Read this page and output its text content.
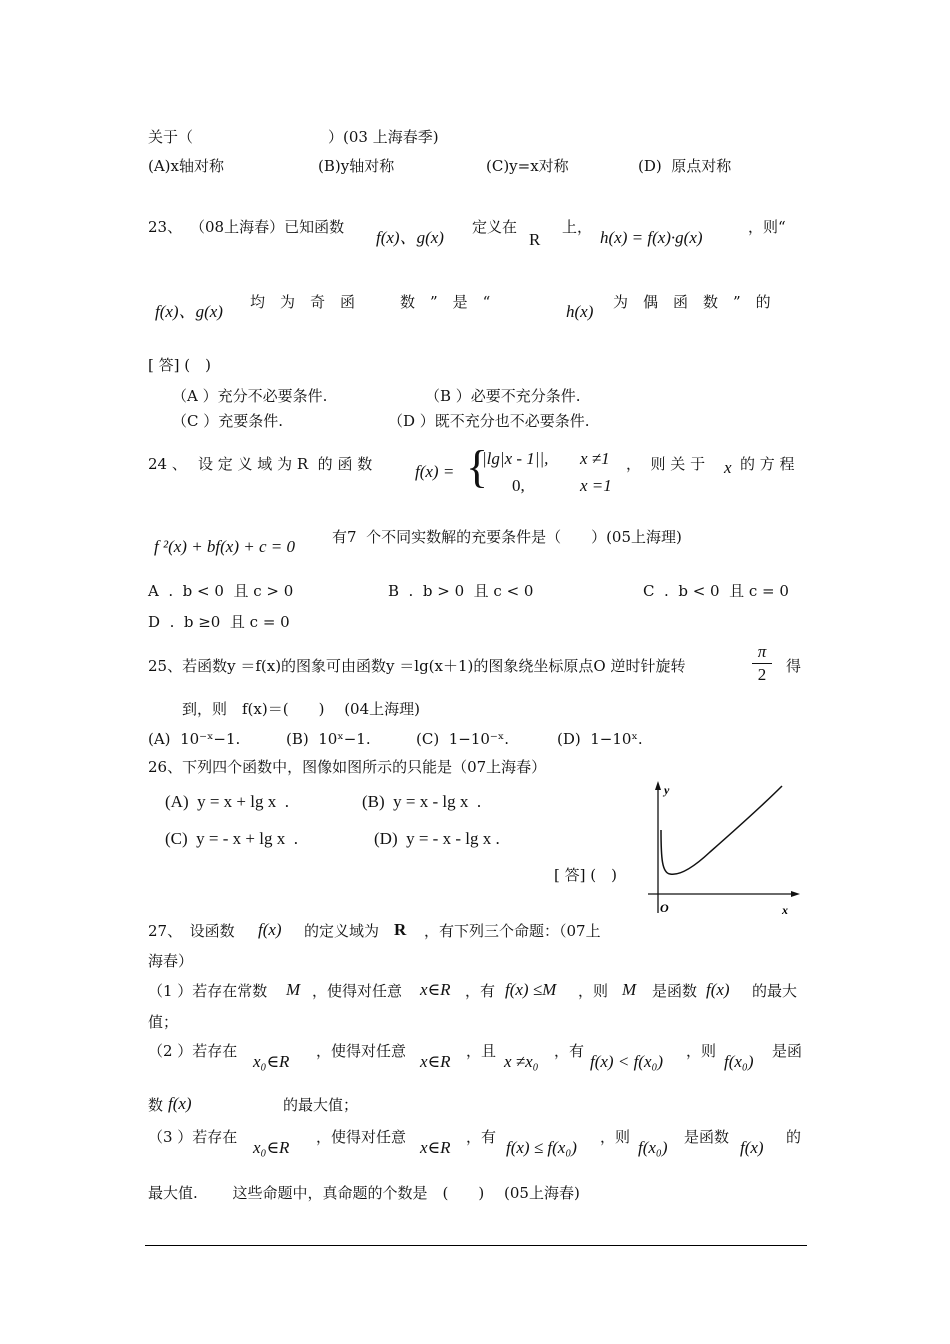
关于（　　　　　　　　　）(03 上海春季)
(A)x轴对称	(B)y轴对称	(C)y=x对称	(D)  原点对称
23、 （08上海春）已知函数
f(x)、g(x)
定义在
R
上，
h(x) = f(x)·g(x)
，则“
f(x)、g(x) 均　为　奇　函　　　数　”　是　“	h(x) 为　偶　函　数　”　的
[ 答] (　)
（A ）充分不必要条件.	（B ）必要不充分条件.
（C ）充要条件.	（D ）既不充分也不必要条件.
24 、 设 定 义 域 为 R  的 函 数	f(x) = {
|lg|x - 1||, x ≠1
0,	x =1
，  则 关 于 x 的 方 程
f ²(x) + bf(x) + c = 0 有7  个不同实数解的充要条件是（　　）(05上海理)
A  .  b < 0  且 c > 0	B  .  b > 0  且 c < 0	C  .  b < 0  且 c = 0
D  .  b ≥0  且 c = 0
25、若函数y ＝f(x)的图象可由函数y ＝lg(x＋1)的图象绕坐标原点O 逆时针旋转
π
2	得
到，则　f(x)＝(　　)　 (04上海理)
(A)  10⁻ˣ−1.	(B)  10ˣ−1.	(C)  1−10⁻ˣ.	(D)  1−10ˣ.
26、下列四个函数中，图像如图所示的只能是（07上海春）
(A)  y = x + lg x  .	(B)  y = x - lg x  .
(C)  y = - x + lg x  .	(D)  y = - x - lg x .
[ 答] (　)
y
x
O
27、　设函数 f(x) 的定义域为 R ，有下列三个命题：（07上
海春）
（1 ）若存在常数 M ，使得对任意 x∈R ，有 f(x) ≤M ，则 M 是函数 f(x) 的最大
值；
（2 ）若存在
x₀∈R
，使得对任意
x∈R
，且
x ≠x₀
，有
f(x) < f(x₀)
，则
f(x₀)
是函
数 f(x)	的最大值；
（3 ）若存在
x₀∈R
，使得对任意
x∈R
，有
f(x) ≤ f(x₀)
，则
f(x₀)
是函数
f(x)
的
最大值.　　 这些命题中，真命题的个数是　(　　)　 (05上海春)
